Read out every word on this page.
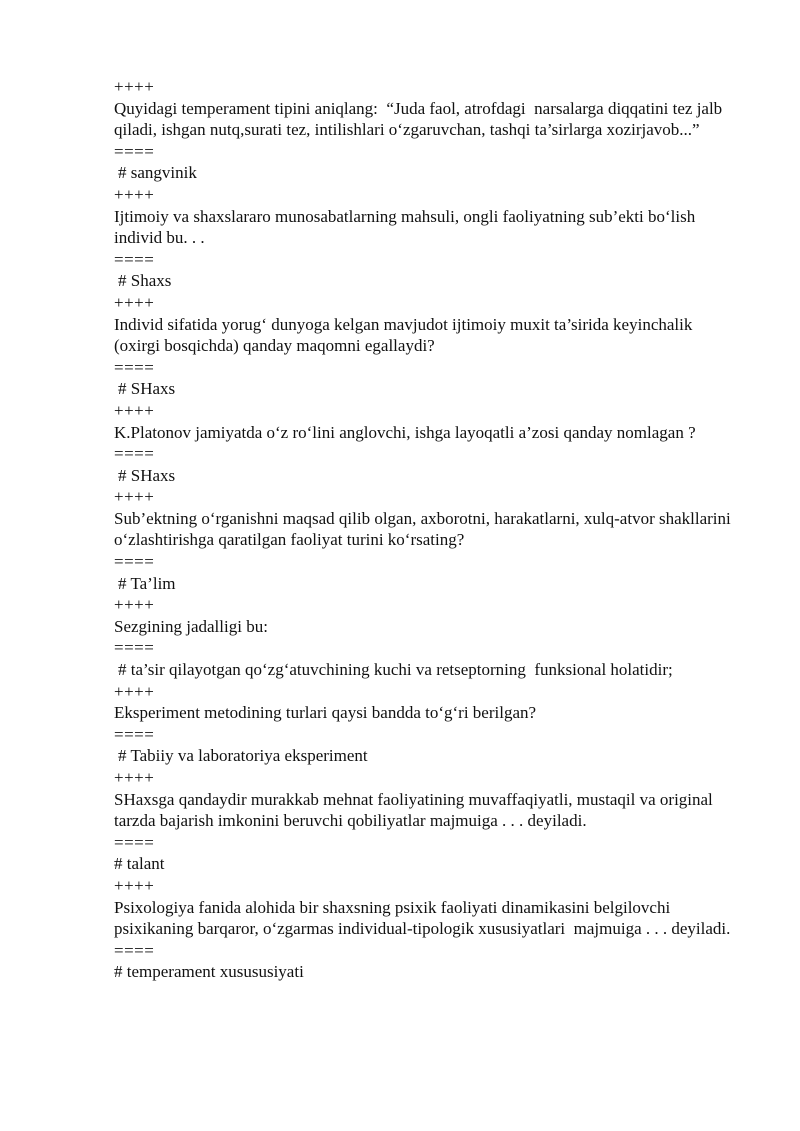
++++

Quyidagi temperament tipini aniqlang:  “Juda faol, atrofdagi  narsalarga diqqatini tez jalb qiladi, ishgan nutq,surati tez, intilishlari o‘zgaruvchan, tashqi ta’sirlarga xozirjavob...”

====

# sangvinik

++++

Ijtimoiy va shaxslararo munosabatlarning mahsuli, ongli faoliyatning sub’ekti bo‘lish individ bu. . .

====

# Shaxs

++++

Individ sifatida yorug‘ dunyoga kelgan mavjudot ijtimoiy muxit ta’sirida keyinchalik  (oxirgi bosqichda) qanday maqomni egallaydi?

====

# SHaxs

++++

K.Platonov jamiyatda o‘z ro‘lini anglovchi, ishga layoqatli a’zosi qanday nomlagan ?

====

# SHaxs

++++

Sub’ektning o‘rganishni maqsad qilib olgan, axborotni, harakatlarni, xulq-atvor shakllarini o‘zlashtirishga qaratilgan faoliyat turini ko‘rsating?

====

# Ta’lim

++++

Sezgining jadalligi bu:

====

# ta’sir qilayotgan qo‘zg‘atuvchining kuchi va retseptorning  funksional holatidir;

++++

Eksperiment metodining turlari qaysi bandda to‘g‘ri berilgan?

====

# Tabiiy va laboratoriya eksperiment

++++

SHaxsga qandaydir murakkab mehnat faoliyatining muvaffaqiyatli, mustaqil va original tarzda bajarish imkonini beruvchi qobiliyatlar majmuiga . . . deyiladi.

====

# talant

++++

Psixologiya fanida alohida bir shaxsning psixik faoliyati dinamikasini belgilovchi psixikaning barqaror, o‘zgarmas individual-tipologik xususiyatlari  majmuiga . . . deyiladi.

====

# temperament xusususiyati
